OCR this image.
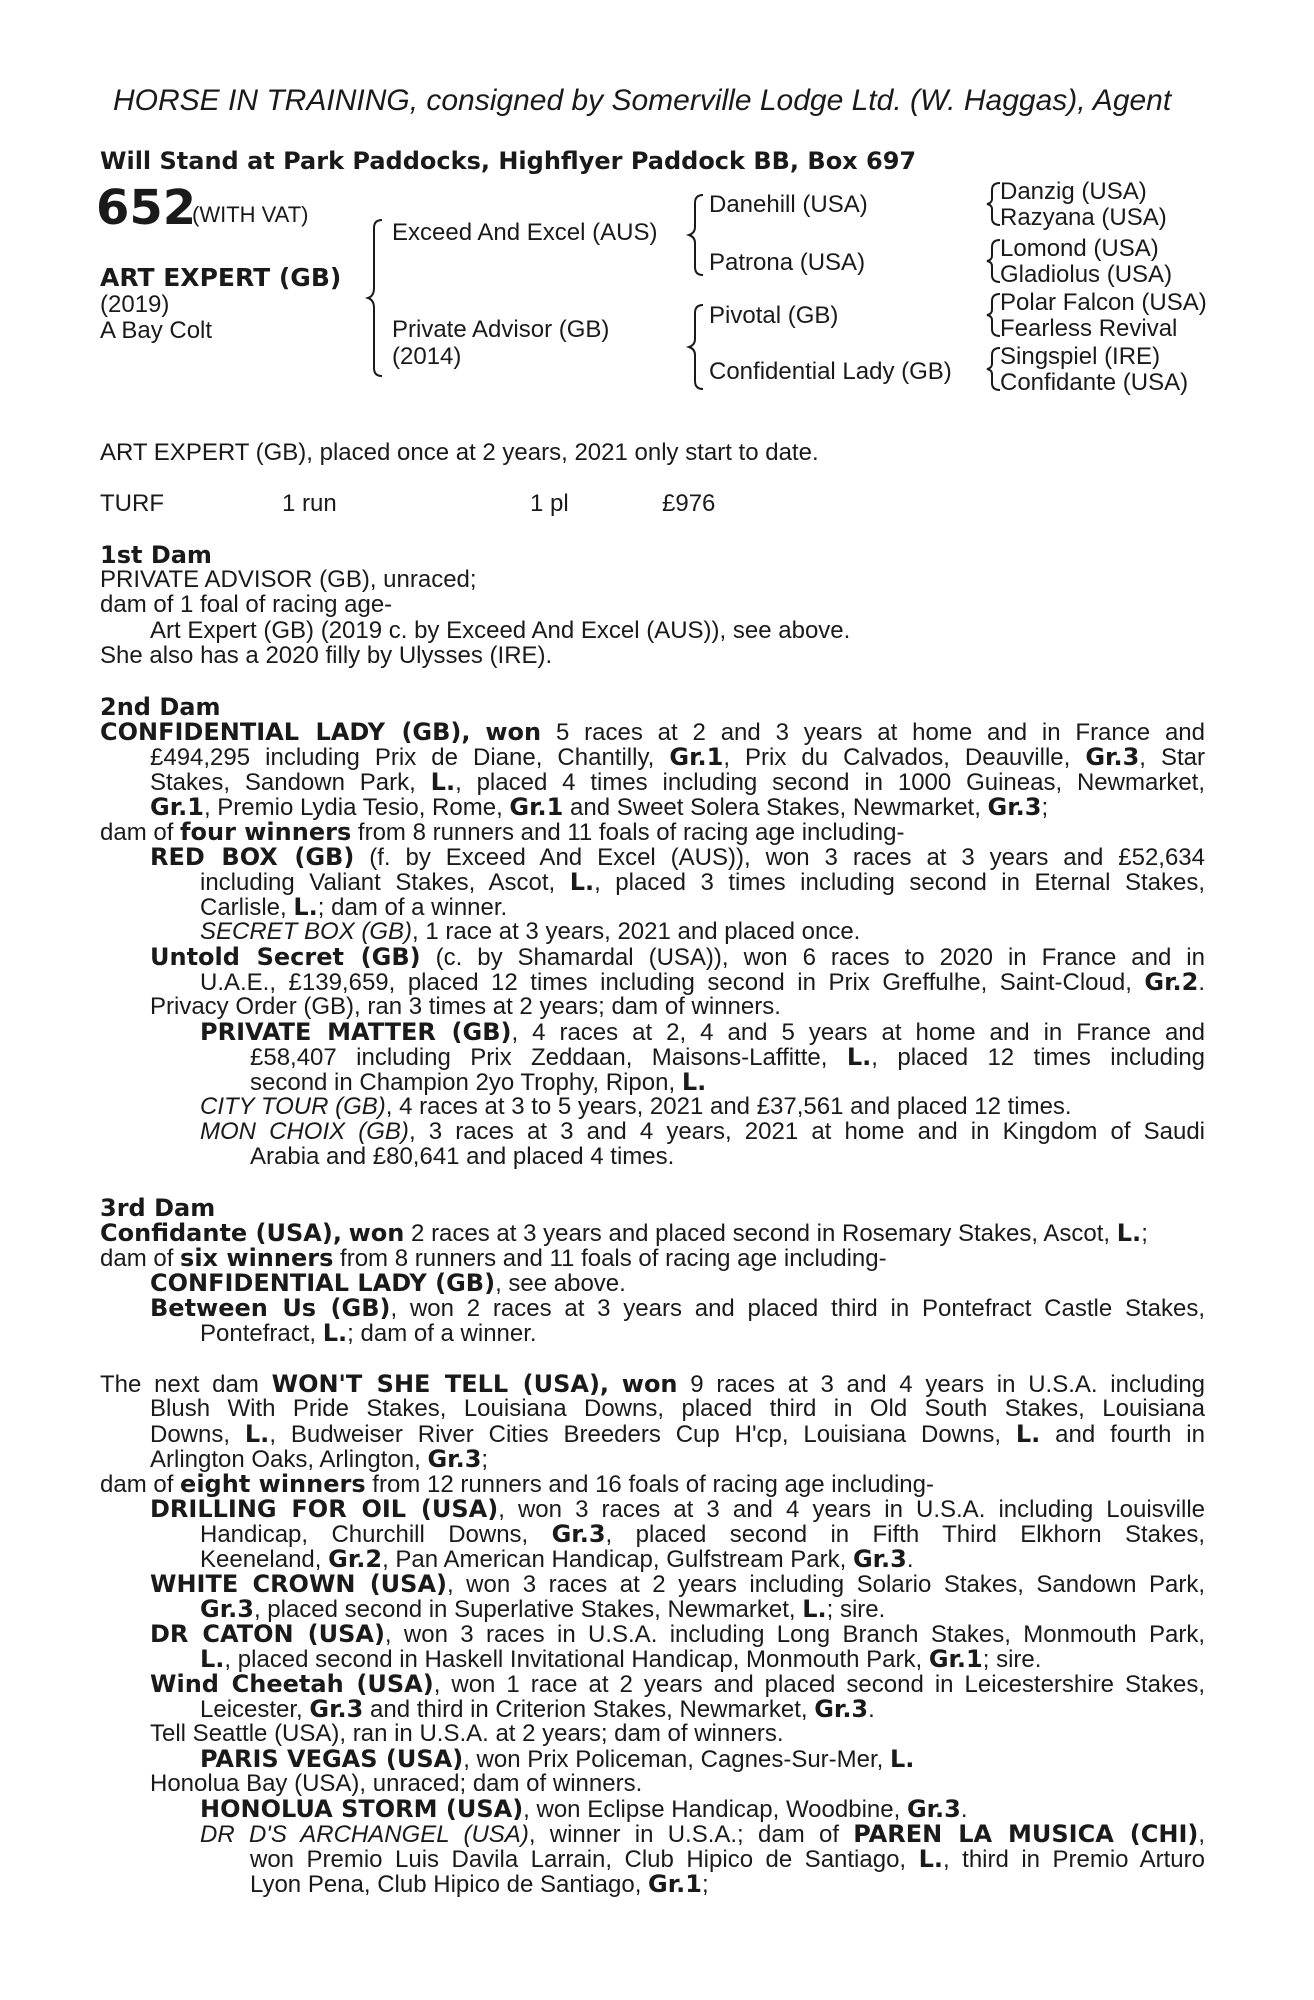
HORSE IN TRAINING, consigned by Somerville Lodge Ltd. (W. Haggas), Agent
Will Stand at Park Paddocks, Highflyer Paddock BB, Box 697
652
(WITH VAT)
ART EXPERT (GB)
(2019)
A Bay Colt
Exceed And Excel (AUS)
Private Advisor (GB)
(2014)
Danehill (USA)
Patrona (USA)
Pivotal (GB)
Confidential Lady (GB)
Danzig (USA)
Razyana (USA)
Lomond (USA)
Gladiolus (USA)
Polar Falcon (USA)
Fearless Revival
Singspiel (IRE)
Confidante (USA)
ART EXPERT (GB), placed once at 2 years, 2021 only start to date.
TURF	1 run	1 pl	£976
1st Dam
PRIVATE ADVISOR (GB), unraced;
dam of 1 foal of racing age-
Art Expert (GB) (2019 c. by Exceed And Excel (AUS)), see above.
She also has a 2020 filly by Ulysses (IRE).
2nd Dam
CONFIDENTIAL LADY (GB), won 5 races at 2 and 3 years at home and in France and
£494,295 including Prix de Diane, Chantilly, Gr.1, Prix du Calvados, Deauville, Gr.3, Star
Stakes, Sandown Park, L., placed 4 times including second in 1000 Guineas, Newmarket,
Gr.1, Premio Lydia Tesio, Rome, Gr.1 and Sweet Solera Stakes, Newmarket, Gr.3;
dam of four winners from 8 runners and 11 foals of racing age including-
RED BOX (GB) (f. by Exceed And Excel (AUS)), won 3 races at 3 years and £52,634
including Valiant Stakes, Ascot, L., placed 3 times including second in Eternal Stakes,
Carlisle, L.; dam of a winner.
SECRET BOX (GB), 1 race at 3 years, 2021 and placed once.
Untold Secret (GB) (c. by Shamardal (USA)), won 6 races to 2020 in France and in
U.A.E., £139,659, placed 12 times including second in Prix Greffulhe, Saint-Cloud, Gr.2.
Privacy Order (GB), ran 3 times at 2 years; dam of winners.
PRIVATE MATTER (GB), 4 races at 2, 4 and 5 years at home and in France and
£58,407 including Prix Zeddaan, Maisons-Laffitte, L., placed 12 times including
second in Champion 2yo Trophy, Ripon, L.
CITY TOUR (GB), 4 races at 3 to 5 years, 2021 and £37,561 and placed 12 times.
MON CHOIX (GB), 3 races at 3 and 4 years, 2021 at home and in Kingdom of Saudi
Arabia and £80,641 and placed 4 times.
3rd Dam
Confidante (USA), won 2 races at 3 years and placed second in Rosemary Stakes, Ascot, L.;
dam of six winners from 8 runners and 11 foals of racing age including-
CONFIDENTIAL LADY (GB), see above.
Between Us (GB), won 2 races at 3 years and placed third in Pontefract Castle Stakes,
Pontefract, L.; dam of a winner.
The next dam WON'T SHE TELL (USA), won 9 races at 3 and 4 years in U.S.A. including
Blush With Pride Stakes, Louisiana Downs, placed third in Old South Stakes, Louisiana
Downs, L., Budweiser River Cities Breeders Cup H'cp, Louisiana Downs, L. and fourth in
Arlington Oaks, Arlington, Gr.3;
dam of eight winners from 12 runners and 16 foals of racing age including-
DRILLING FOR OIL (USA), won 3 races at 3 and 4 years in U.S.A. including Louisville
Handicap, Churchill Downs, Gr.3, placed second in Fifth Third Elkhorn Stakes,
Keeneland, Gr.2, Pan American Handicap, Gulfstream Park, Gr.3.
WHITE CROWN (USA), won 3 races at 2 years including Solario Stakes, Sandown Park,
Gr.3, placed second in Superlative Stakes, Newmarket, L.; sire.
DR CATON (USA), won 3 races in U.S.A. including Long Branch Stakes, Monmouth Park,
L., placed second in Haskell Invitational Handicap, Monmouth Park, Gr.1; sire.
Wind Cheetah (USA), won 1 race at 2 years and placed second in Leicestershire Stakes,
Leicester, Gr.3 and third in Criterion Stakes, Newmarket, Gr.3.
Tell Seattle (USA), ran in U.S.A. at 2 years; dam of winners.
PARIS VEGAS (USA), won Prix Policeman, Cagnes-Sur-Mer, L.
Honolua Bay (USA), unraced; dam of winners.
HONOLUA STORM (USA), won Eclipse Handicap, Woodbine, Gr.3.
DR D'S ARCHANGEL (USA), winner in U.S.A.; dam of PAREN LA MUSICA (CHI),
won Premio Luis Davila Larrain, Club Hipico de Santiago, L., third in Premio Arturo
Lyon Pena, Club Hipico de Santiago, Gr.1;
